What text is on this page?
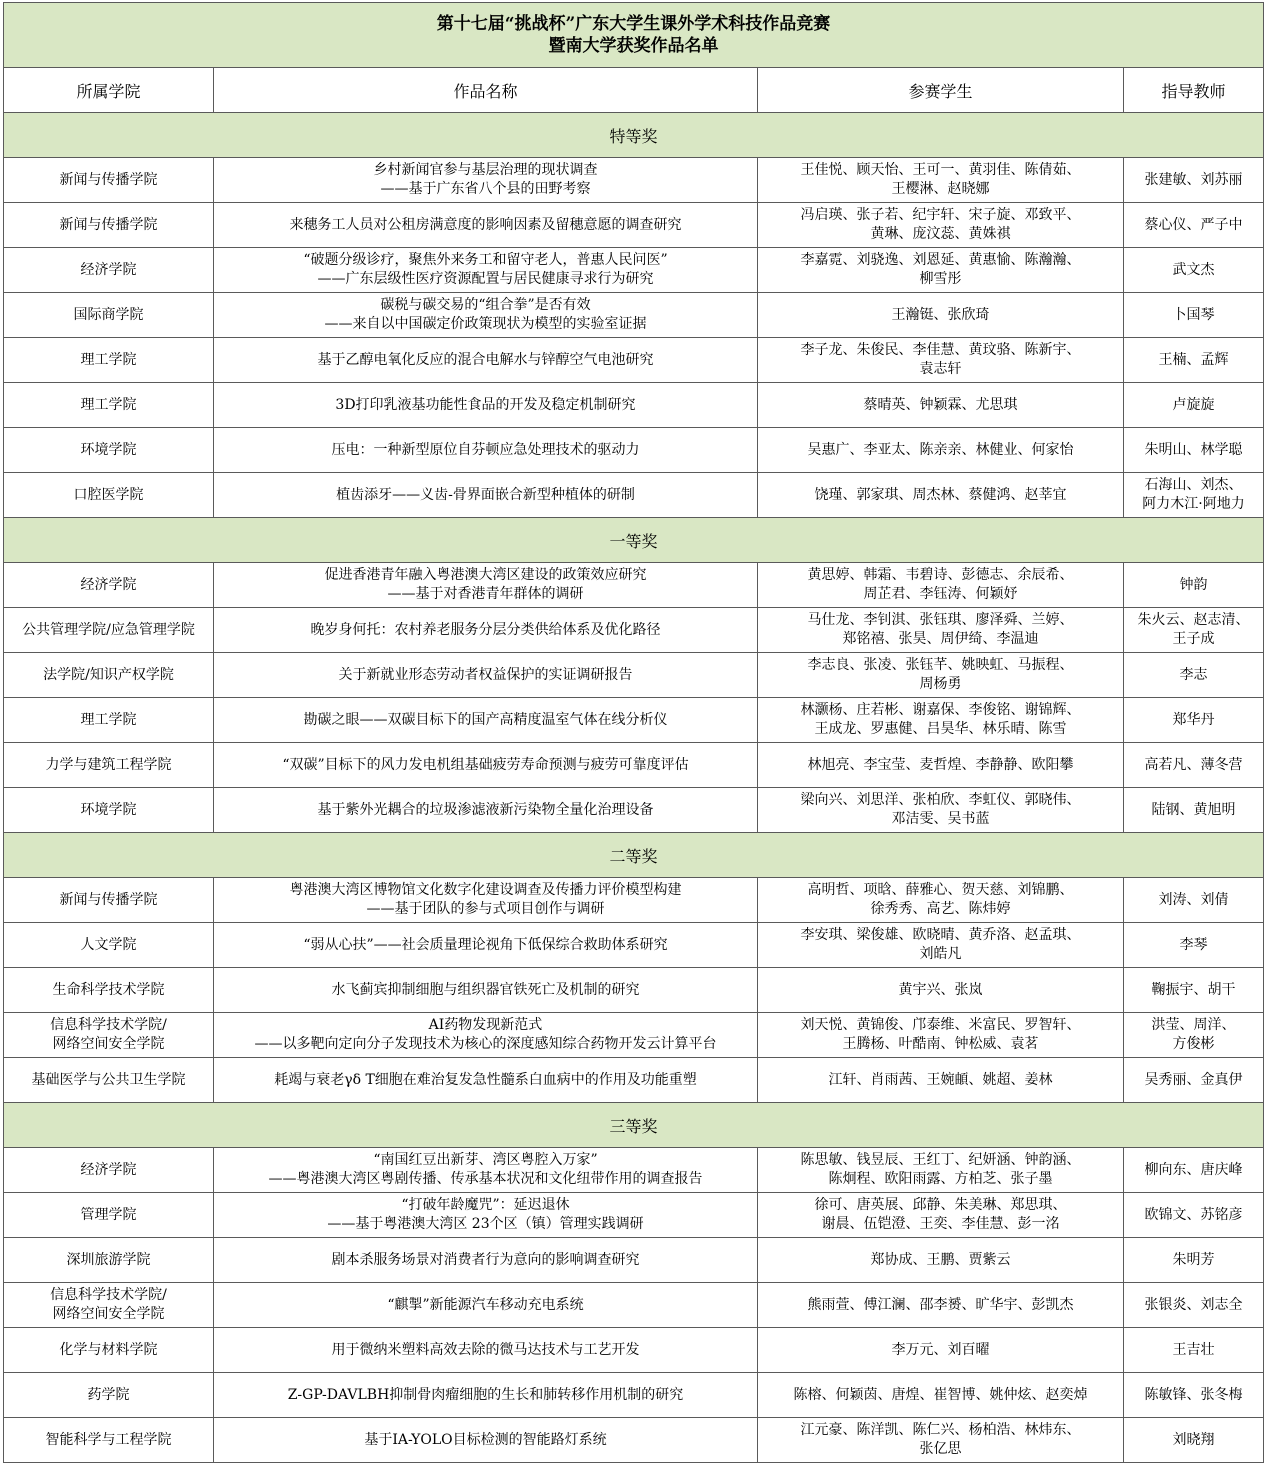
第十七届“挑战杯”广东大学生课外学术科技作品竞赛
暨南大学获奖作品名单			

所属学院	作品名称	参赛学生	指导教师
特等奖			

新闻与传播学院	乡村新闻官参与基层治理的现状调查
——基于广东省八个县的田野考察	王佳悦、顾天怡、王可一、黄羽佳、陈倩茹、
王樱淋、赵晓娜	张建敏、刘苏丽

新闻与传播学院	来穗务工人员对公租房满意度的影响因素及留穗意愿的调查研究	冯启瑛、张子若、纪宇轩、宋子旋、邓致平、
黄琳、庞汶蕊、黄姝祺	蔡心仪、严子中

经济学院	“破题分级诊疗，聚焦外来务工和留守老人，普惠人民问医”
——广东层级性医疗资源配置与居民健康寻求行为研究	李嘉霓、刘骁逸、刘恩延、黄惠愉、陈瀚瀚、
柳雪彤	武文杰

国际商学院	碳税与碳交易的“组合拳”是否有效
——来自以中国碳定价政策现状为模型的实验室证据	王瀚铤、张欣琦	卜国琴

理工学院	基于乙醇电氧化反应的混合电解水与锌醇空气电池研究	李子龙、朱俊民、李佳慧、黄玟骆、陈新宇、
袁志轩	王楠、孟辉

理工学院	3D打印乳液基功能性食品的开发及稳定机制研究	蔡晴英、钟颖霖、尤思琪	卢旋旋

环境学院	压电：一种新型原位自芬顿应急处理技术的驱动力	吴惠广、李亚太、陈亲亲、林健业、何家怡	朱明山、林学聪

口腔医学院	植齿添牙——义齿-骨界面嵌合新型种植体的研制	饶瑾、郭家琪、周杰林、蔡健鸿、赵莘宜	石海山、刘杰、
阿力木江·阿地力

一等奖			

经济学院	促进香港青年融入粤港澳大湾区建设的政策效应研究
——基于对香港青年群体的调研	黄思婷、韩霜、韦碧诗、彭德志、余辰希、
周芷君、李钰涛、何颖妤	钟韵

公共管理学院/应急管理学院	晚岁身何托：农村养老服务分层分类供给体系及优化路径	马仕龙、李钊淇、张钰琪、廖泽舜、兰婷、
郑铭禧、张昊、周伊绮、李温迪	朱火云、赵志清、
王子成

法学院/知识产权学院	关于新就业形态劳动者权益保护的实证调研报告	李志良、张凌、张钰芊、姚映虹、马振程、
周杨勇	李志

理工学院	勘碳之眼——双碳目标下的国产高精度温室气体在线分析仪	林灏杨、庄若彬、谢嘉保、李俊铭、谢锦辉、
王成龙、罗惠健、吕昊华、林乐晴、陈雪	郑华丹

力学与建筑工程学院	“双碳”目标下的风力发电机组基础疲劳寿命预测与疲劳可靠度评估	林旭亮、李宝莹、麦哲煌、李静静、欧阳攀	高若凡、薄冬营

环境学院	基于紫外光耦合的垃圾渗滤液新污染物全量化治理设备	梁向兴、刘思洋、张柏欣、李虹仪、郭晓伟、
邓洁雯、吴书蓝	陆钢、黄旭明

二等奖			

新闻与传播学院	粤港澳大湾区博物馆文化数字化建设调查及传播力评价模型构建
——基于团队的参与式项目创作与调研	高明哲、项晗、薛雅心、贺天慈、刘锦鹏、
徐秀秀、高艺、陈炜婷	刘涛、刘倩

人文学院	“弱从心扶”——社会质量理论视角下低保综合救助体系研究	李安琪、梁俊雄、欧晓晴、黄乔洛、赵孟琪、
刘皓凡	李琴

生命科学技术学院	水飞蓟宾抑制细胞与组织器官铁死亡及机制的研究	黄宇兴、张岚	鞠振宇、胡干

信息科学技术学院/
网络空间安全学院	AI药物发现新范式
——以多靶向定向分子发现技术为核心的深度感知综合药物开发云计算平台	刘天悦、黄锦俊、邝泰维、米富民、罗智轩、
王腾杨、叶酷南、钟松威、袁茗	洪莹、周洋、
方俊彬

基础医学与公共卫生学院	耗竭与衰老γδ T细胞在难治复发急性髓系白血病中的作用及功能重塑	江轩、肖雨茜、王婉頔、姚超、姜林	吴秀丽、金真伊

三等奖			

经济学院	“南国红豆出新芽、湾区粤腔入万家”
——粤港澳大湾区粤剧传播、传承基本状况和文化纽带作用的调查报告	陈思敏、钱昱辰、王红丁、纪妍涵、钟韵涵、
陈炯程、欧阳雨露、方柏芝、张子墨	柳向东、唐庆峰

管理学院	“打破年龄魔咒”：延迟退休
——基于粤港澳大湾区 23个区（镇）管理实践调研	徐可、唐英展、邱静、朱美琳、郑思琪、
谢晨、伍铠澄、王奕、李佳慧、彭一洺	欧锦文、苏铭彦

深圳旅游学院	剧本杀服务场景对消费者行为意向的影响调查研究	郑协成、王鹏、贾紫云	朱明芳

信息科学技术学院/
网络空间安全学院	“麒掣”新能源汽车移动充电系统	熊雨萱、傅江澜、邵李赟、旷华宇、彭凯杰	张银炎、刘志全

化学与材料学院	用于微纳米塑料高效去除的微马达技术与工艺开发	李万元、刘百曜	王吉壮

药学院	Z-GP-DAVLBH抑制骨肉瘤细胞的生长和肺转移作用机制的研究	陈榕、何颖茵、唐煌、崔智博、姚仲炫、赵奕焯	陈敏锋、张冬梅

智能科学与工程学院	基于IA-YOLO目标检测的智能路灯系统	江元豪、陈洋凯、陈仁兴、杨柏浩、林炜东、
张亿思	刘晓翔
